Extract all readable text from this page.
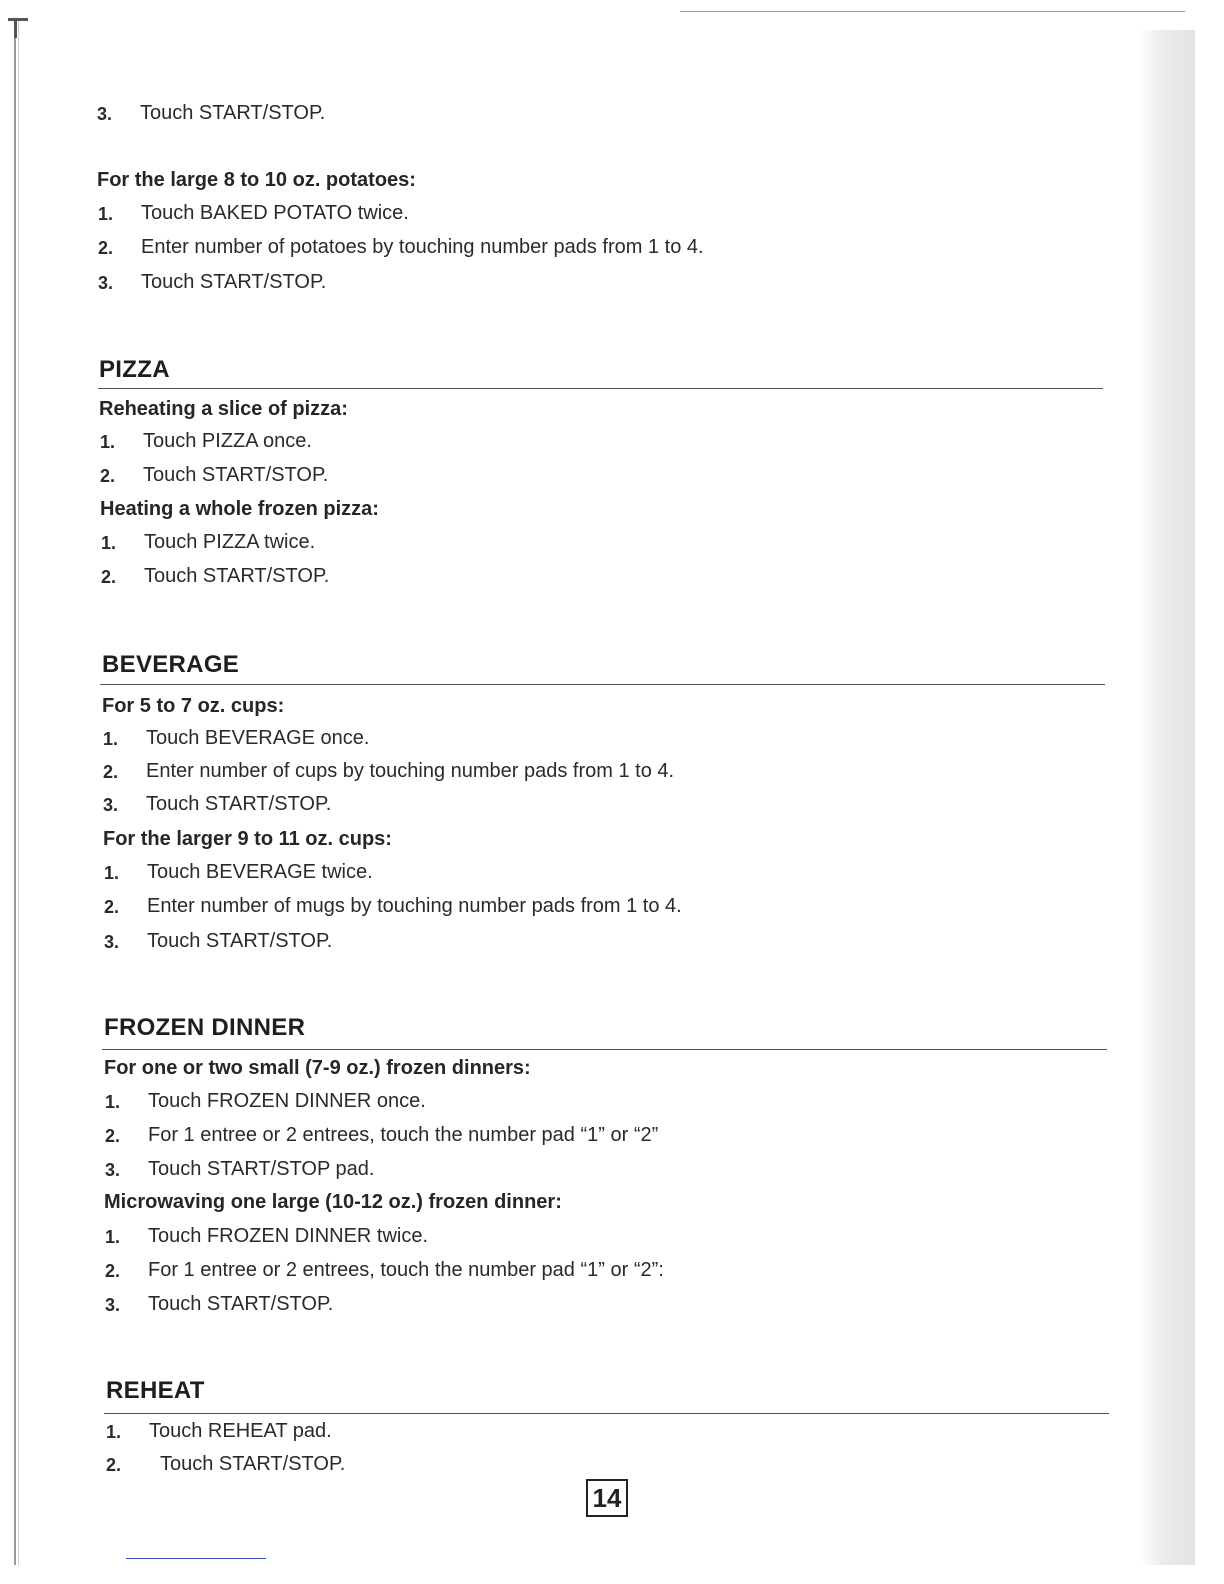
3. Touch START/STOP.
For the large 8 to 10 oz. potatoes:
1. Touch BAKED POTATO twice.
2. Enter number of potatoes by touching number pads from 1 to 4.
3. Touch START/STOP.
PIZZA
Reheating a slice of pizza:
1. Touch PIZZA once.
2. Touch START/STOP.
Heating a whole frozen pizza:
1. Touch PIZZA twice.
2. Touch START/STOP.
BEVERAGE
For 5 to 7 oz. cups:
1. Touch BEVERAGE once.
2. Enter number of cups by touching number pads from 1 to 4.
3. Touch START/STOP.
For the larger 9 to 11 oz. cups:
1. Touch BEVERAGE twice.
2. Enter number of mugs by touching number pads from 1 to 4.
3. Touch START/STOP.
FROZEN DINNER
For one or two small (7-9 oz.) frozen dinners:
1. Touch FROZEN DINNER once.
2. For 1 entree or 2 entrees, touch the number pad “1” or “2”
3. Touch START/STOP pad.
Microwaving one large (10-12 oz.) frozen dinner:
1. Touch FROZEN DINNER twice.
2. For 1 entree or 2 entrees, touch the number pad “1” or “2”:
3. Touch START/STOP.
REHEAT
1. Touch REHEAT pad.
2. Touch START/STOP.
14
